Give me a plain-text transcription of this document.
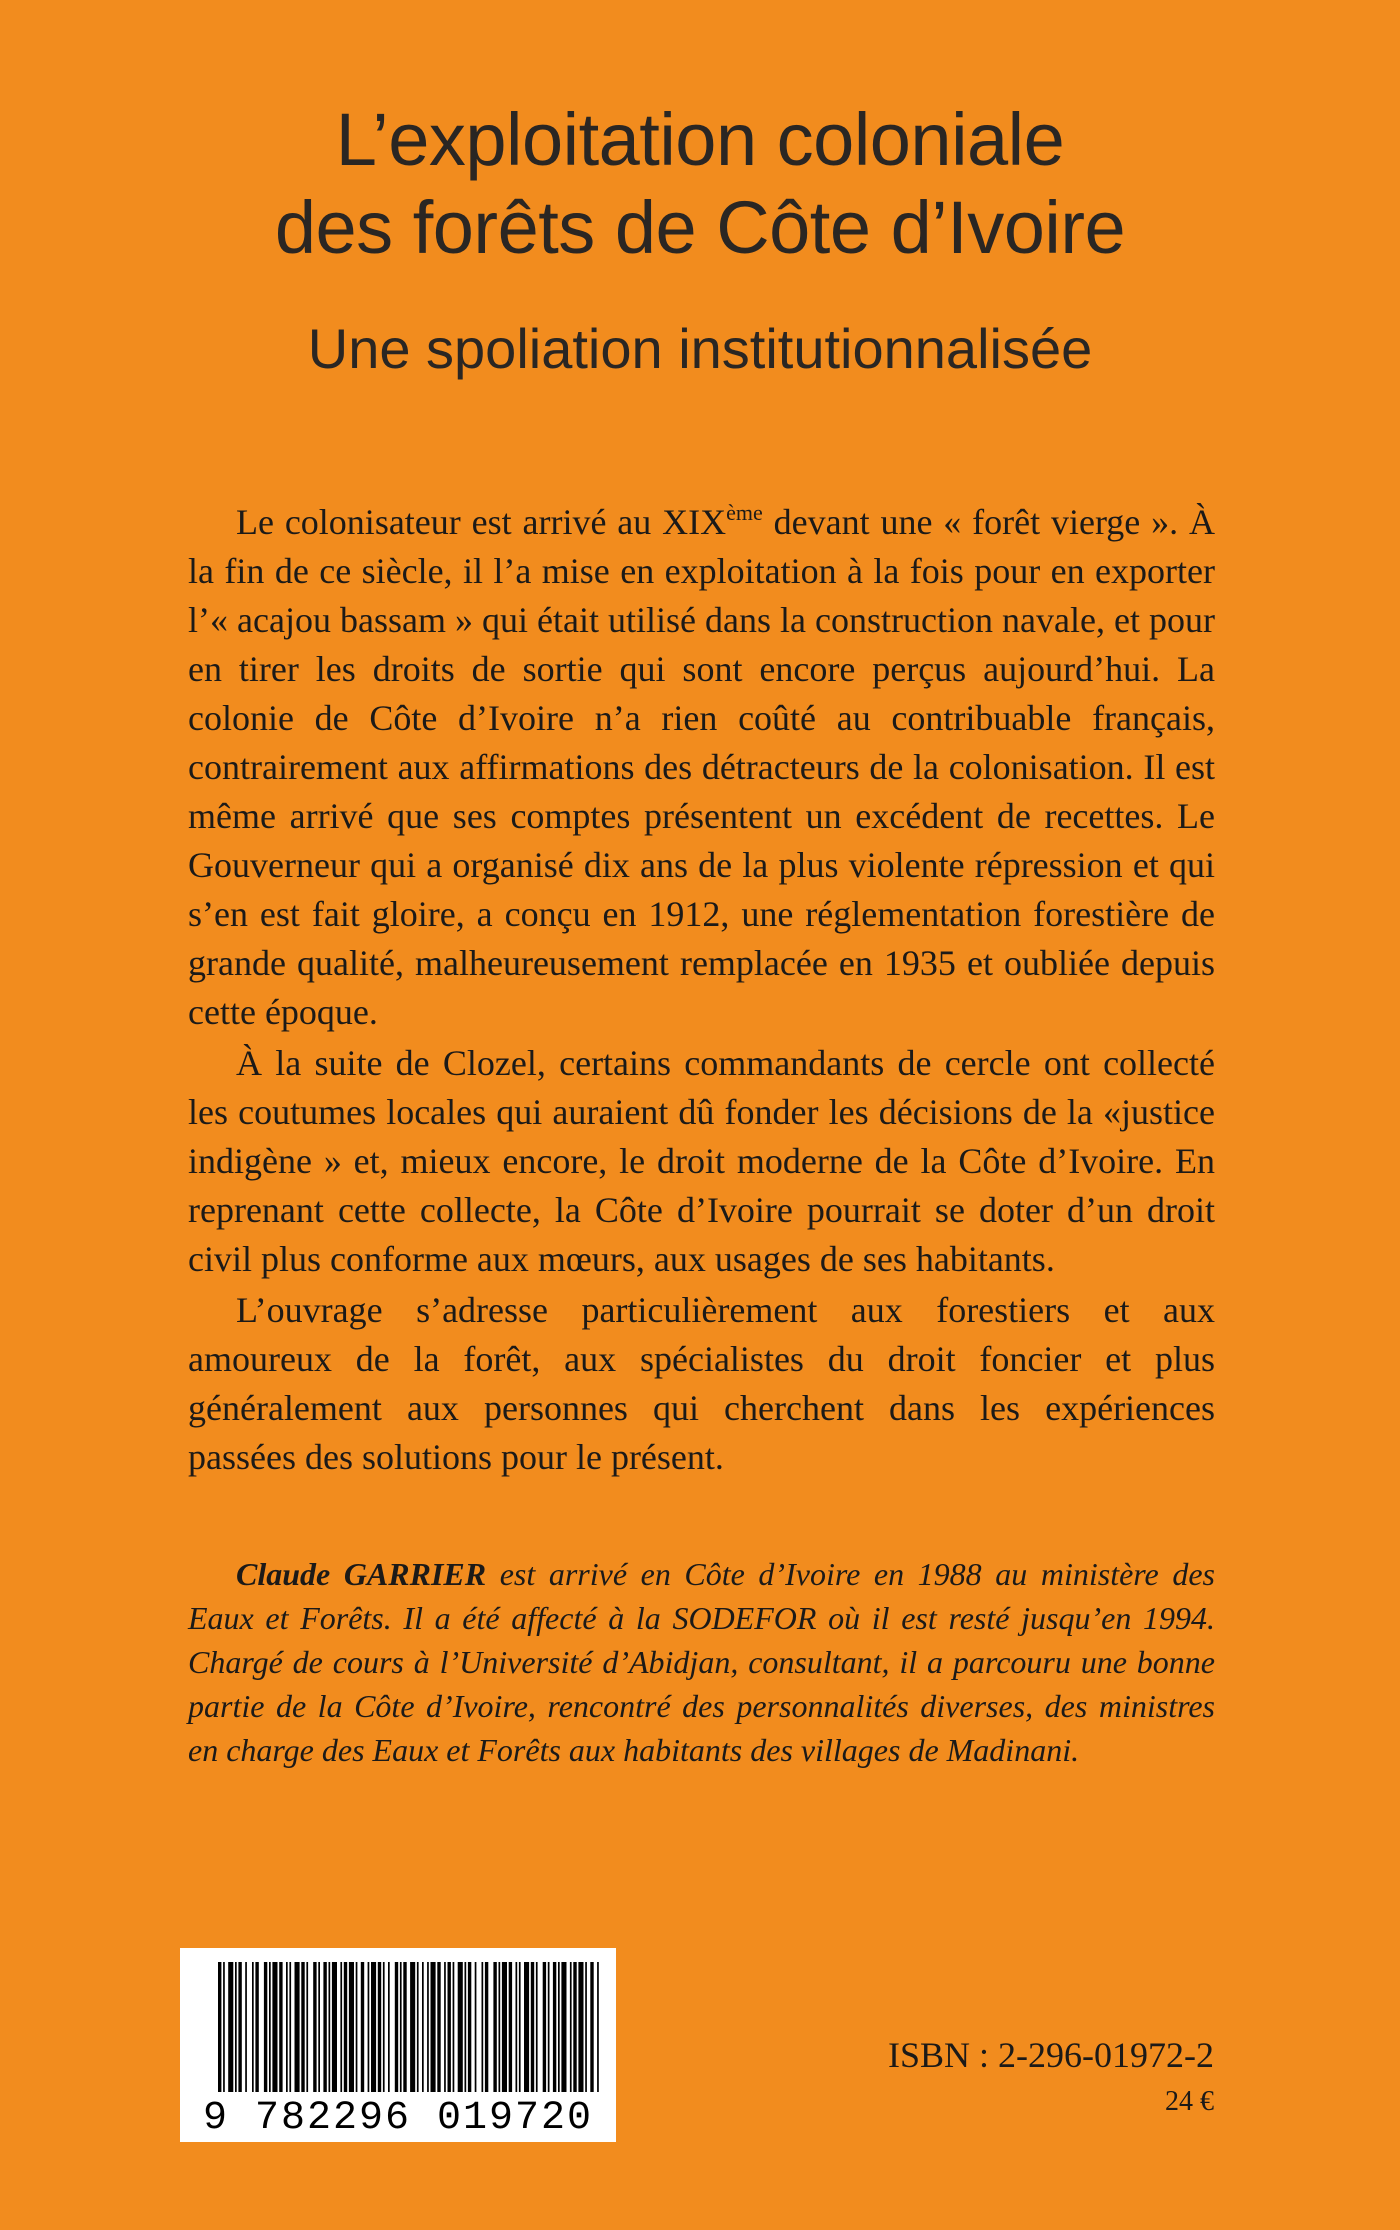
L’exploitation coloniale
des forêts de Côte d’Ivoire
Une spoliation institutionnalisée

Le colonisateur est arrivé au XIXème devant une « forêt vierge ». À la fin de ce siècle, il l’a mise en exploitation à la fois pour en exporter l’« acajou bassam » qui était utilisé dans la construction navale, et pour en tirer les droits de sortie qui sont encore perçus aujourd’hui. La colonie de Côte d’Ivoire n’a rien coûté au contribuable français, contrairement aux affirmations des détracteurs de la colonisation. Il est même arrivé que ses comptes présentent un excédent de recettes. Le Gouverneur qui a organisé dix ans de la plus violente répression et qui s’en est fait gloire, a conçu en 1912, une réglementation forestière de grande qualité, malheureusement remplacée en 1935 et oubliée depuis cette époque.

À la suite de Clozel, certains commandants de cercle ont collecté les coutumes locales qui auraient dû fonder les décisions de la «justice indigène » et, mieux encore, le droit moderne de la Côte d’Ivoire. En reprenant cette collecte, la Côte d’Ivoire pourrait se doter d’un droit civil plus conforme aux mœurs, aux usages de ses habitants.

L’ouvrage s’adresse particulièrement aux forestiers et aux amoureux de la forêt, aux spécialistes du droit foncier et plus généralement aux personnes qui cherchent dans les expériences passées des solutions pour le présent.

Claude GARRIER est arrivé en Côte d’Ivoire en 1988 au ministère des Eaux et Forêts. Il a été affecté à la SODEFOR où il est resté jusqu’en 1994. Chargé de cours à l’Université d’Abidjan, consultant, il a parcouru une bonne partie de la Côte d’Ivoire, rencontré des personnalités diverses, des ministres en charge des Eaux et Forêts aux habitants des villages de Madinani.

9 782296 019720
ISBN : 2-296-01972-2
24 €
